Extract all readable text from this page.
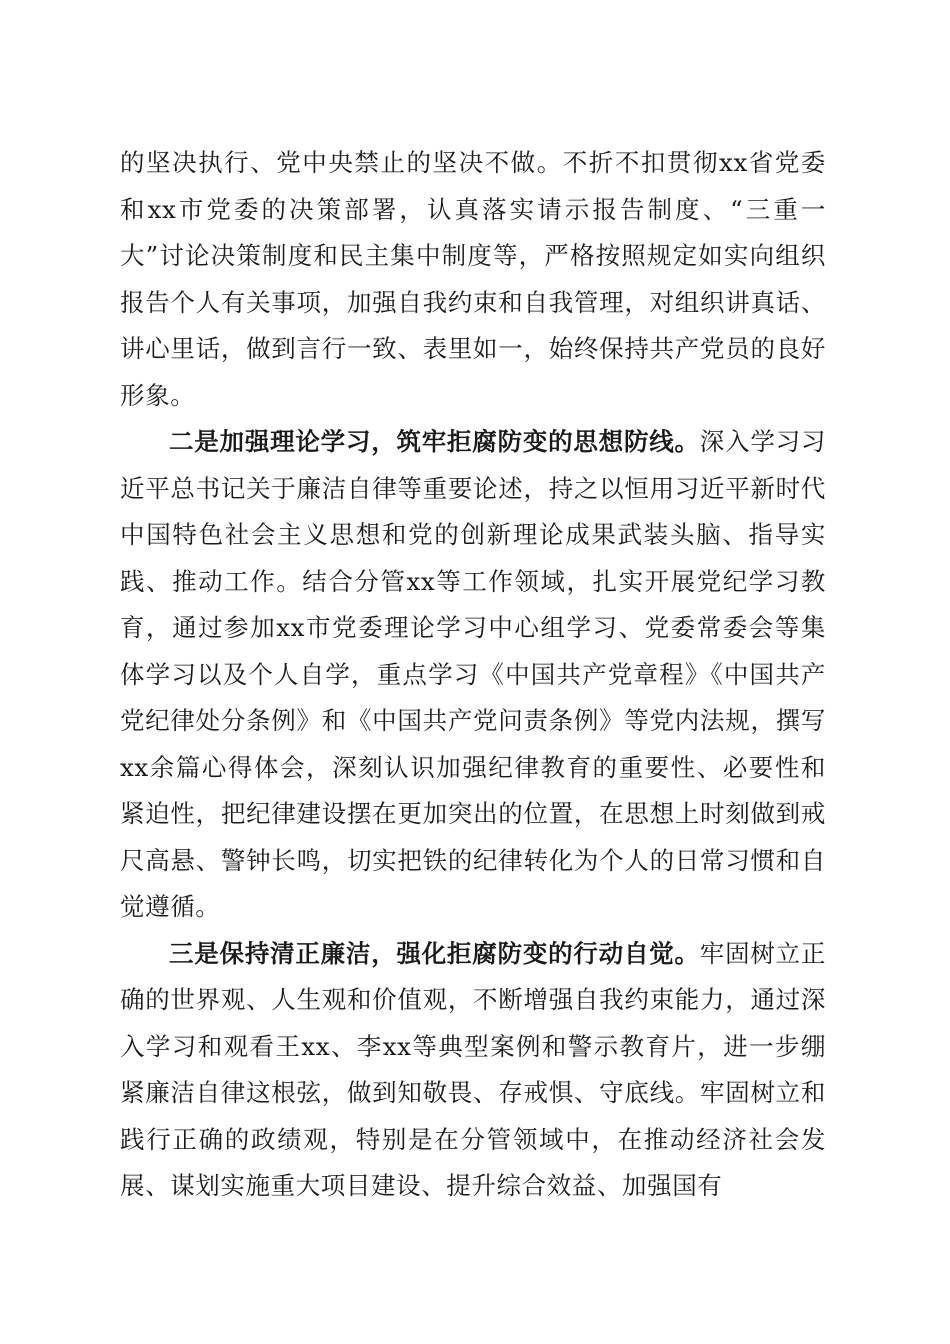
的坚决执行、党中央禁止的坚决不做。不折不扣贯彻xx省党委和xx市党委的决策部署，认真落实请示报告制度、“三重一大”讨论决策制度和民主集中制度等，严格按照规定如实向组织报告个人有关事项，加强自我约束和自我管理，对组织讲真话、讲心里话，做到言行一致、表里如一，始终保持共产党员的良好形象。

二是加强理论学习，筑牢拒腐防变的思想防线。深入学习习近平总书记关于廉洁自律等重要论述，持之以恒用习近平新时代中国特色社会主义思想和党的创新理论成果武装头脑、指导实践、推动工作。结合分管xx等工作领域，扎实开展党纪学习教育，通过参加xx市党委理论学习中心组学习、党委常委会等集体学习以及个人自学，重点学习《中国共产党章程》《中国共产党纪律处分条例》和《中国共产党问责条例》等党内法规，撰写xx余篇心得体会，深刻认识加强纪律教育的重要性、必要性和紧迫性，把纪律建设摆在更加突出的位置，在思想上时刻做到戒尺高悬、警钟长鸣，切实把铁的纪律转化为个人的日常习惯和自觉遵循。

三是保持清正廉洁，强化拒腐防变的行动自觉。牢固树立正确的世界观、人生观和价值观，不断增强自我约束能力，通过深入学习和观看王xx、李xx等典型案例和警示教育片，进一步绷紧廉洁自律这根弦，做到知敬畏、存戒惧、守底线。牢固树立和践行正确的政绩观，特别是在分管领域中，在推动经济社会发展、谋划实施重大项目建设、提升综合效益、加强国有
